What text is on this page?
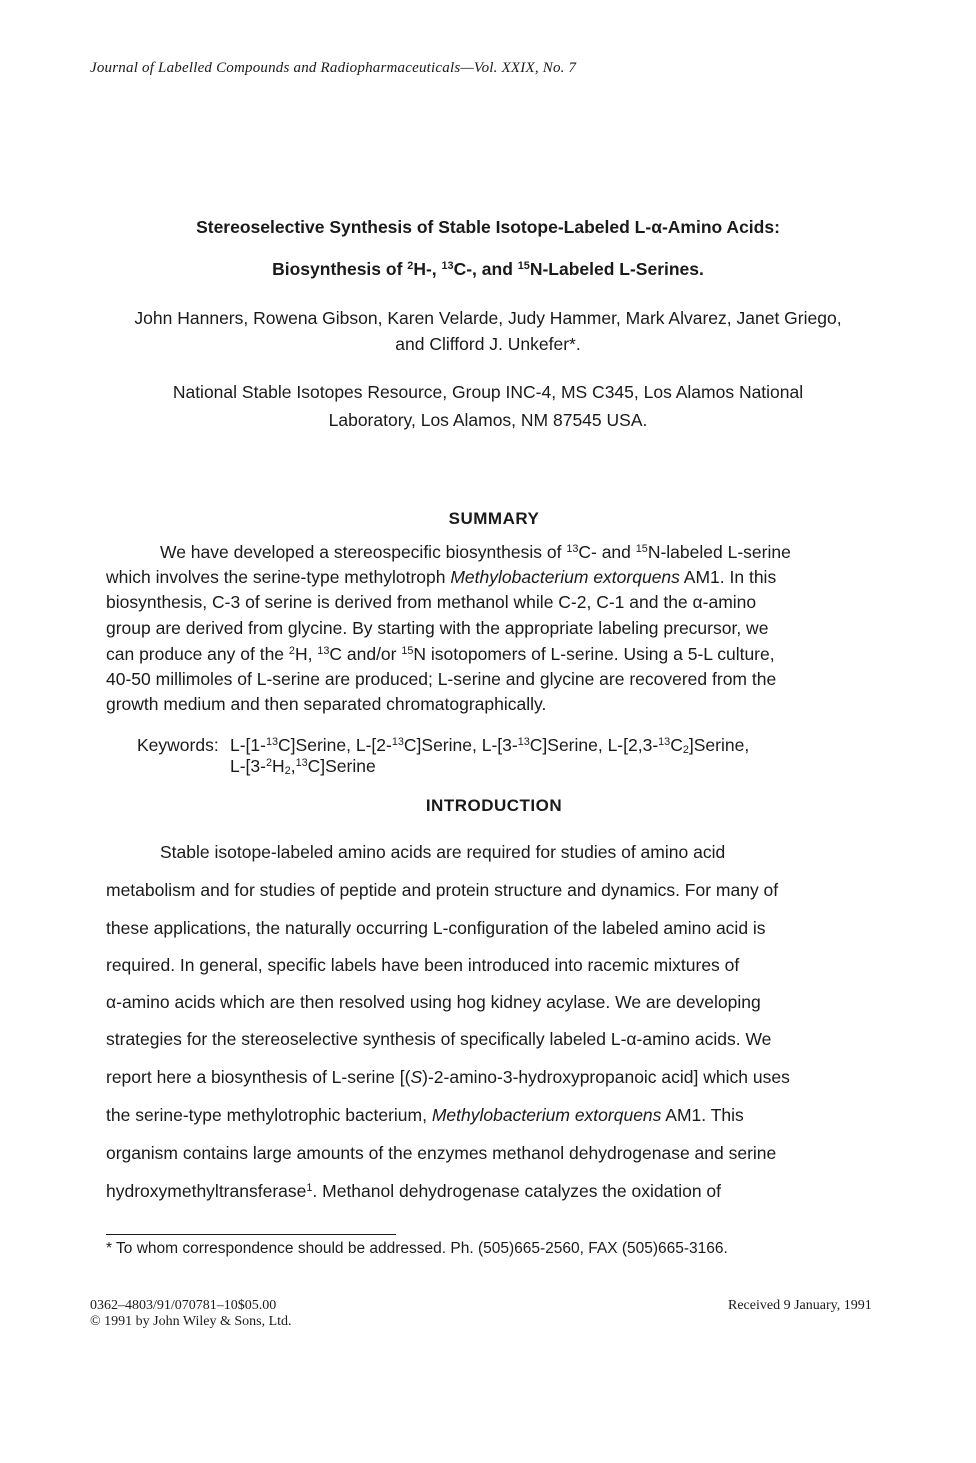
Journal of Labelled Compounds and Radiopharmaceuticals—Vol. XXIX, No. 7
Stereoselective Synthesis of Stable Isotope-Labeled L-α-Amino Acids:
Biosynthesis of $^2$H-, $^{13}$C-, and $^{15}$N-Labeled L-Serines.
John Hanners, Rowena Gibson, Karen Velarde, Judy Hammer, Mark Alvarez, Janet Griego,
and Clifford J. Unkefer*.
National Stable Isotopes Resource, Group INC-4, MS C345, Los Alamos National
Laboratory, Los Alamos, NM 87545 USA.
SUMMARY
We have developed a stereospecific biosynthesis of $^{13}$C- and $^{15}$N-labeled L-serine
which involves the serine-type methylotroph Methylobacterium extorquens AM1. In this
biosynthesis, C-3 of serine is derived from methanol while C-2, C-1 and the α-amino
group are derived from glycine. By starting with the appropriate labeling precursor, we
can produce any of the $^2$H, $^{13}$C and/or $^{15}$N isotopomers of L-serine. Using a 5-L culture,
40-50 millimoles of L-serine are produced; L-serine and glycine are recovered from the
growth medium and then separated chromatographically.
Keywords: L-[1-$^{13}$C]Serine, L-[2-$^{13}$C]Serine, L-[3-$^{13}$C]Serine, $L-[2,3-^{13}C_2]Serine$,
$L-[3-^2H_2,^{13}C]Serine$
INTRODUCTION
Stable isotope-labeled amino acids are required for studies of amino acid
metabolism and for studies of peptide and protein structure and dynamics. For many of
these applications, the naturally occurring L-configuration of the labeled amino acid is
required. In general, specific labels have been introduced into racemic mixtures of
α-amino acids which are then resolved using hog kidney acylase. We are developing
strategies for the stereoselective synthesis of specifically labeled L-α-amino acids. We
report here a biosynthesis of L-serine [(S)-2-amino-3-hydroxypropanoic acid] which uses
the serine-type methylotrophic bacterium, Methylobacterium extorquens AM1. This
organism contains large amounts of the enzymes methanol dehydrogenase and serine
hydroxymethyltransferase$^1$. Methanol dehydrogenase catalyzes the oxidation of
* To whom correspondence should be addressed. Ph. (505)665-2560, FAX (505)665-3166.
0362–4803/91/070781–10$05.00
© 1991 by John Wiley & Sons, Ltd.
Received 9 January, 1991
